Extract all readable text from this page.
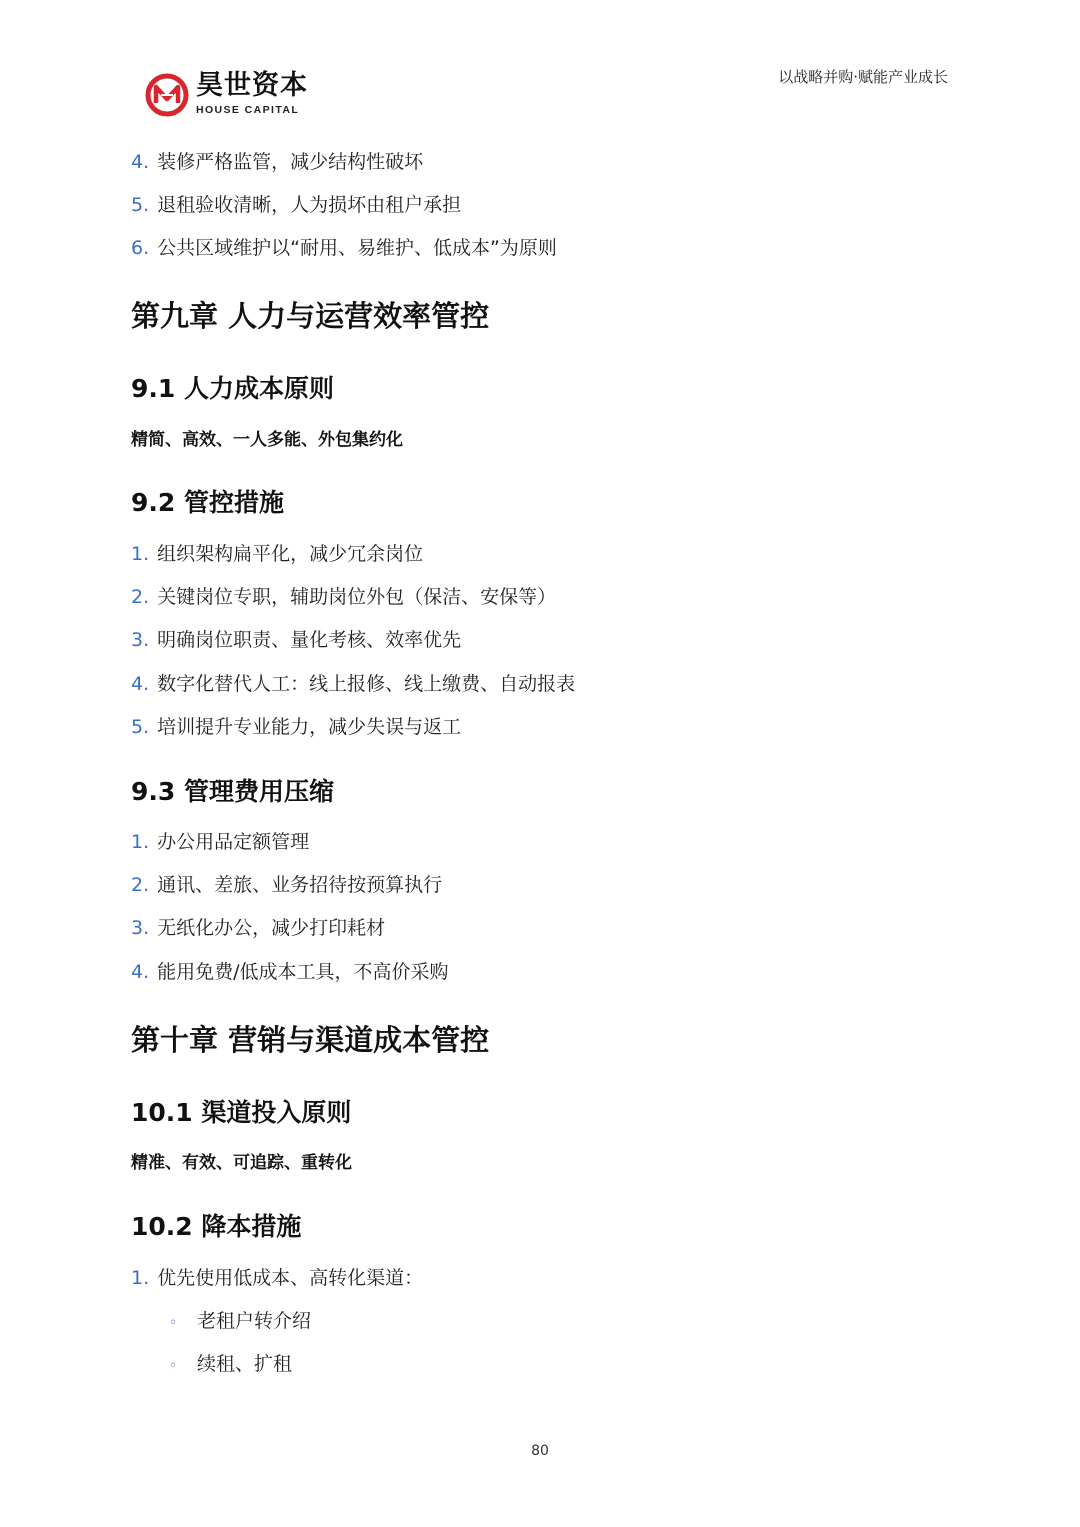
昊世资本
HOUSE CAPITAL
以战略并购·赋能产业成长
4. 装修严格监管，减少结构性破坏
5. 退租验收清晰，人为损坏由租户承担
6. 公共区域维护以“耐用、易维护、低成本”为原则
第九章 人力与运营效率管控
9.1 人力成本原则
精简、高效、一人多能、外包集约化
9.2 管控措施
1. 组织架构扁平化，减少冗余岗位
2. 关键岗位专职，辅助岗位外包（保洁、安保等）
3. 明确岗位职责、量化考核、效率优先
4. 数字化替代人工：线上报修、线上缴费、自动报表
5. 培训提升专业能力，减少失误与返工
9.3 管理费用压缩
1. 办公用品定额管理
2. 通讯、差旅、业务招待按预算执行
3. 无纸化办公，减少打印耗材
4. 能用免费/低成本工具，不高价采购
第十章 营销与渠道成本管控
10.1 渠道投入原则
精准、有效、可追踪、重转化
10.2 降本措施
1. 优先使用低成本、高转化渠道：
◦ 老租户转介绍
◦ 续租、扩租
80
